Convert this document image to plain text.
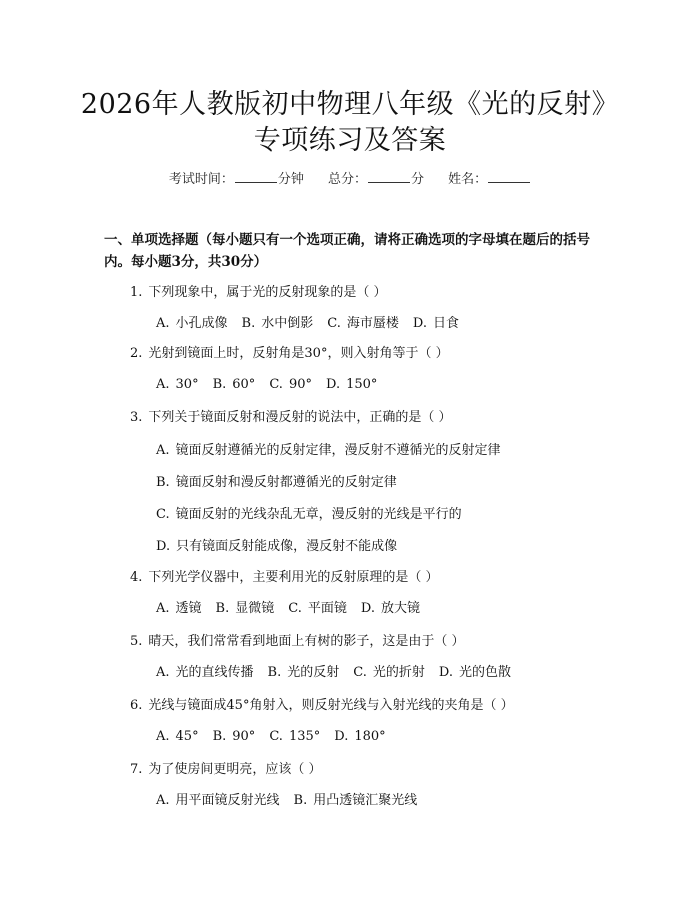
2026年人教版初中物理八年级《光的反射》
专项练习及答案
考试时间：	分钟 总分：	分 姓名：
一、单项选择题（每小题只有一个选项正确，请将正确选项的字母填在题后的括号内。每小题3分，共30分）
1. 下列现象中，属于光的反射现象的是（ ）
A. 小孔成像 B. 水中倒影 C. 海市蜃楼 D. 日食
2. 光射到镜面上时，反射角是30°，则入射角等于（ ）
A. 30° B. 60° C. 90° D. 150°
3. 下列关于镜面反射和漫反射的说法中，正确的是（ ）
A. 镜面反射遵循光的反射定律，漫反射不遵循光的反射定律
B. 镜面反射和漫反射都遵循光的反射定律
C. 镜面反射的光线杂乱无章，漫反射的光线是平行的
D. 只有镜面反射能成像，漫反射不能成像
4. 下列光学仪器中，主要利用光的反射原理的是（ ）
A. 透镜 B. 显微镜 C. 平面镜 D. 放大镜
5. 晴天，我们常常看到地面上有树的影子，这是由于（ ）
A. 光的直线传播 B. 光的反射 C. 光的折射 D. 光的色散
6. 光线与镜面成45°角射入，则反射光线与入射光线的夹角是（ ）
A. 45° B. 90° C. 135° D. 180°
7. 为了使房间更明亮，应该（ ）
A. 用平面镜反射光线 B. 用凸透镜汇聚光线
